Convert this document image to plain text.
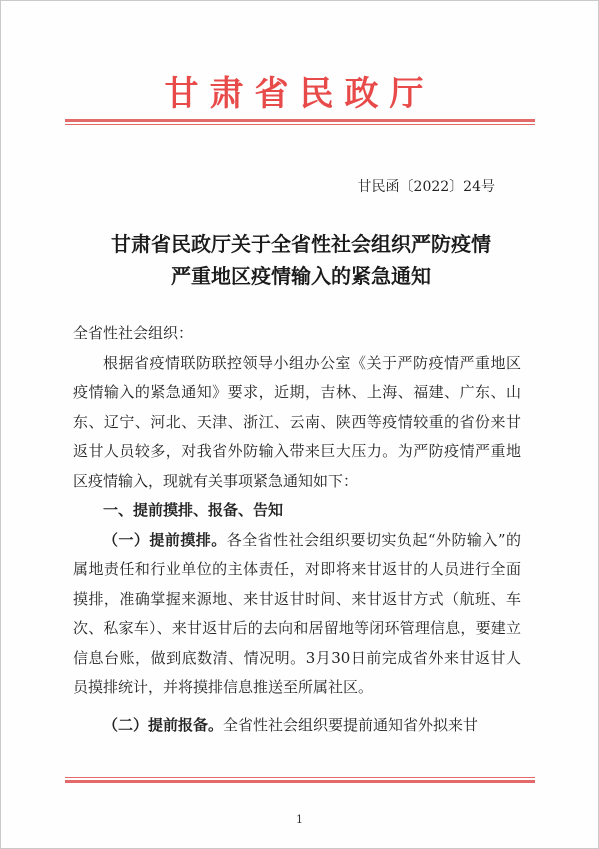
甘肃省民政厅
甘民函〔2022〕24号
甘肃省民政厅关于全省性社会组织严防疫情
严重地区疫情输入的紧急通知

全省性社会组织：

根据省疫情联防联控领导小组办公室《关于严防疫情严重地区疫情输入的紧急通知》要求，近期，吉林、上海、福建、广东、山东、辽宁、河北、天津、浙江、云南、陕西等疫情较重的省份来甘返甘人员较多，对我省外防输入带来巨大压力。为严防疫情严重地区疫情输入，现就有关事项紧急通知如下：

一、提前摸排、报备、告知

（一）提前摸排。各全省性社会组织要切实负起“外防输入”的属地责任和行业单位的主体责任，对即将来甘返甘的人员进行全面摸排，准确掌握来源地、来甘返甘时间、来甘返甘方式（航班、车次、私家车）、来甘返甘后的去向和居留地等闭环管理信息，要建立信息台账，做到底数清、情况明。3月30日前完成省外来甘返甘人员摸排统计，并将摸排信息推送至所属社区。

（二）提前报备。全省性社会组织要提前通知省外拟来甘

1
